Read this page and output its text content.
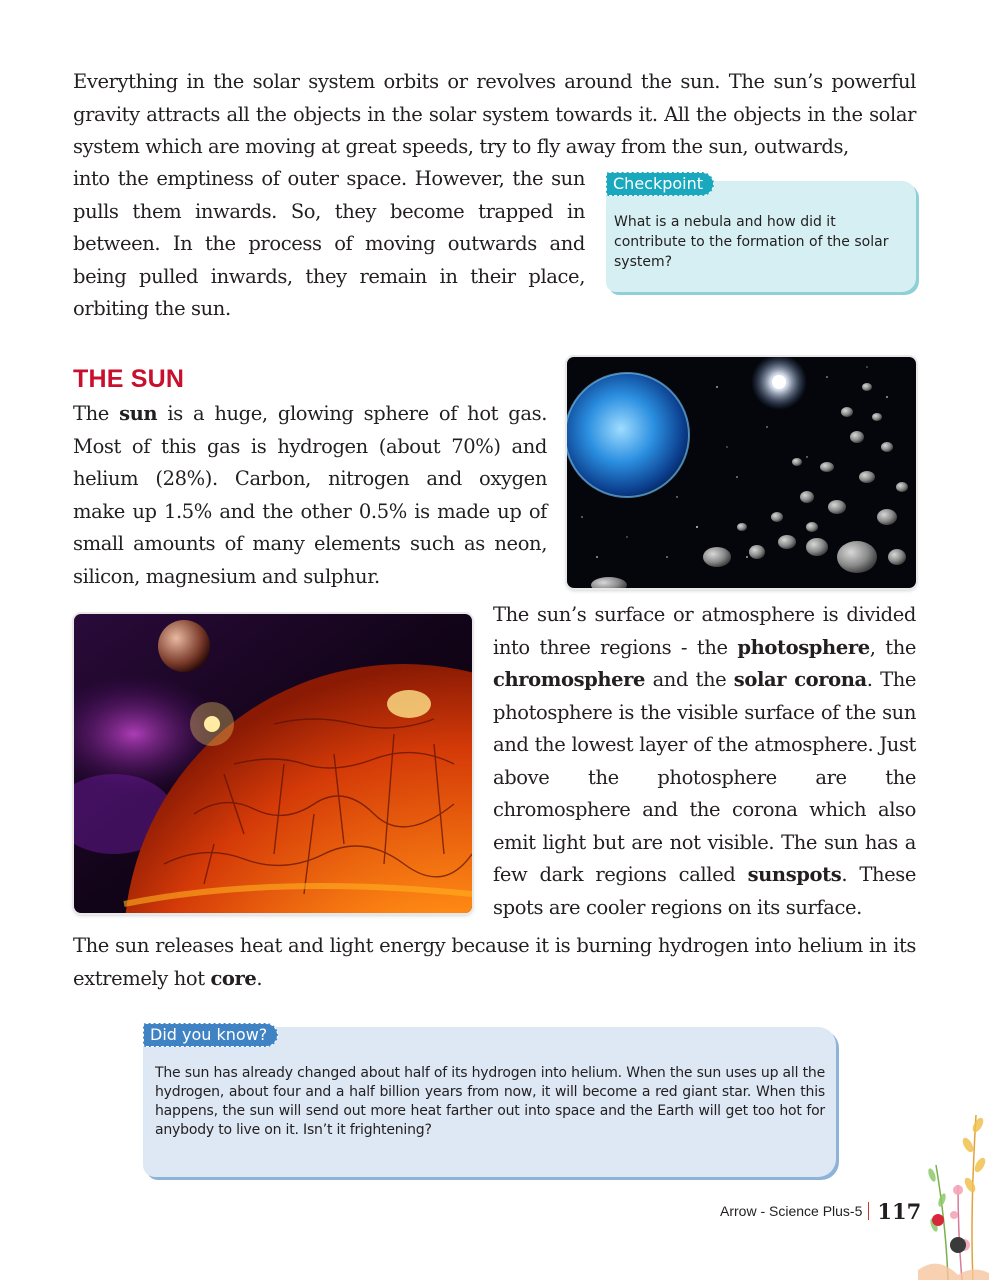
Everything in the solar system orbits or revolves around the sun. The sun’s powerful gravity attracts all the objects in the solar system towards it. All the objects in the solar system which are moving at great speeds, try to fly away from the sun, outwards,

into the emptiness of outer space. However, the sun pulls them inwards. So, they become trapped in between. In the process of moving outwards and being pulled inwards, they remain in their place, orbiting the sun.

Checkpoint

What is a nebula and how did it contribute to the formation of the solar system?

THE SUN

The sun is a huge, glowing sphere of hot gas. Most of this gas is hydrogen (about 70%) and helium (28%). Carbon, nitrogen and oxygen make up 1.5% and the other 0.5% is made up of small amounts of many elements such as neon, silicon, magnesium and sulphur.

The sun’s surface or atmosphere is divided into three regions - the photosphere, the chromosphere and the solar corona. The photosphere is the visible surface of the sun and the lowest layer of the atmosphere. Just above the photosphere are the chromosphere and the corona which also emit light but are not visible. The sun has a few dark regions called sunspots. These spots are cooler regions on its surface.

The sun releases heat and light energy because it is burning hydrogen into helium in its extremely hot core.

Did you know?

The sun has already changed about half of its hydrogen into helium. When the sun uses up all the hydrogen, about four and a half billion years from now, it will become a red giant star. When this happens, the sun will send out more heat farther out into space and the Earth will get too hot for anybody to live on it. Isn’t it frightening?

Arrow - Science Plus-5 117
